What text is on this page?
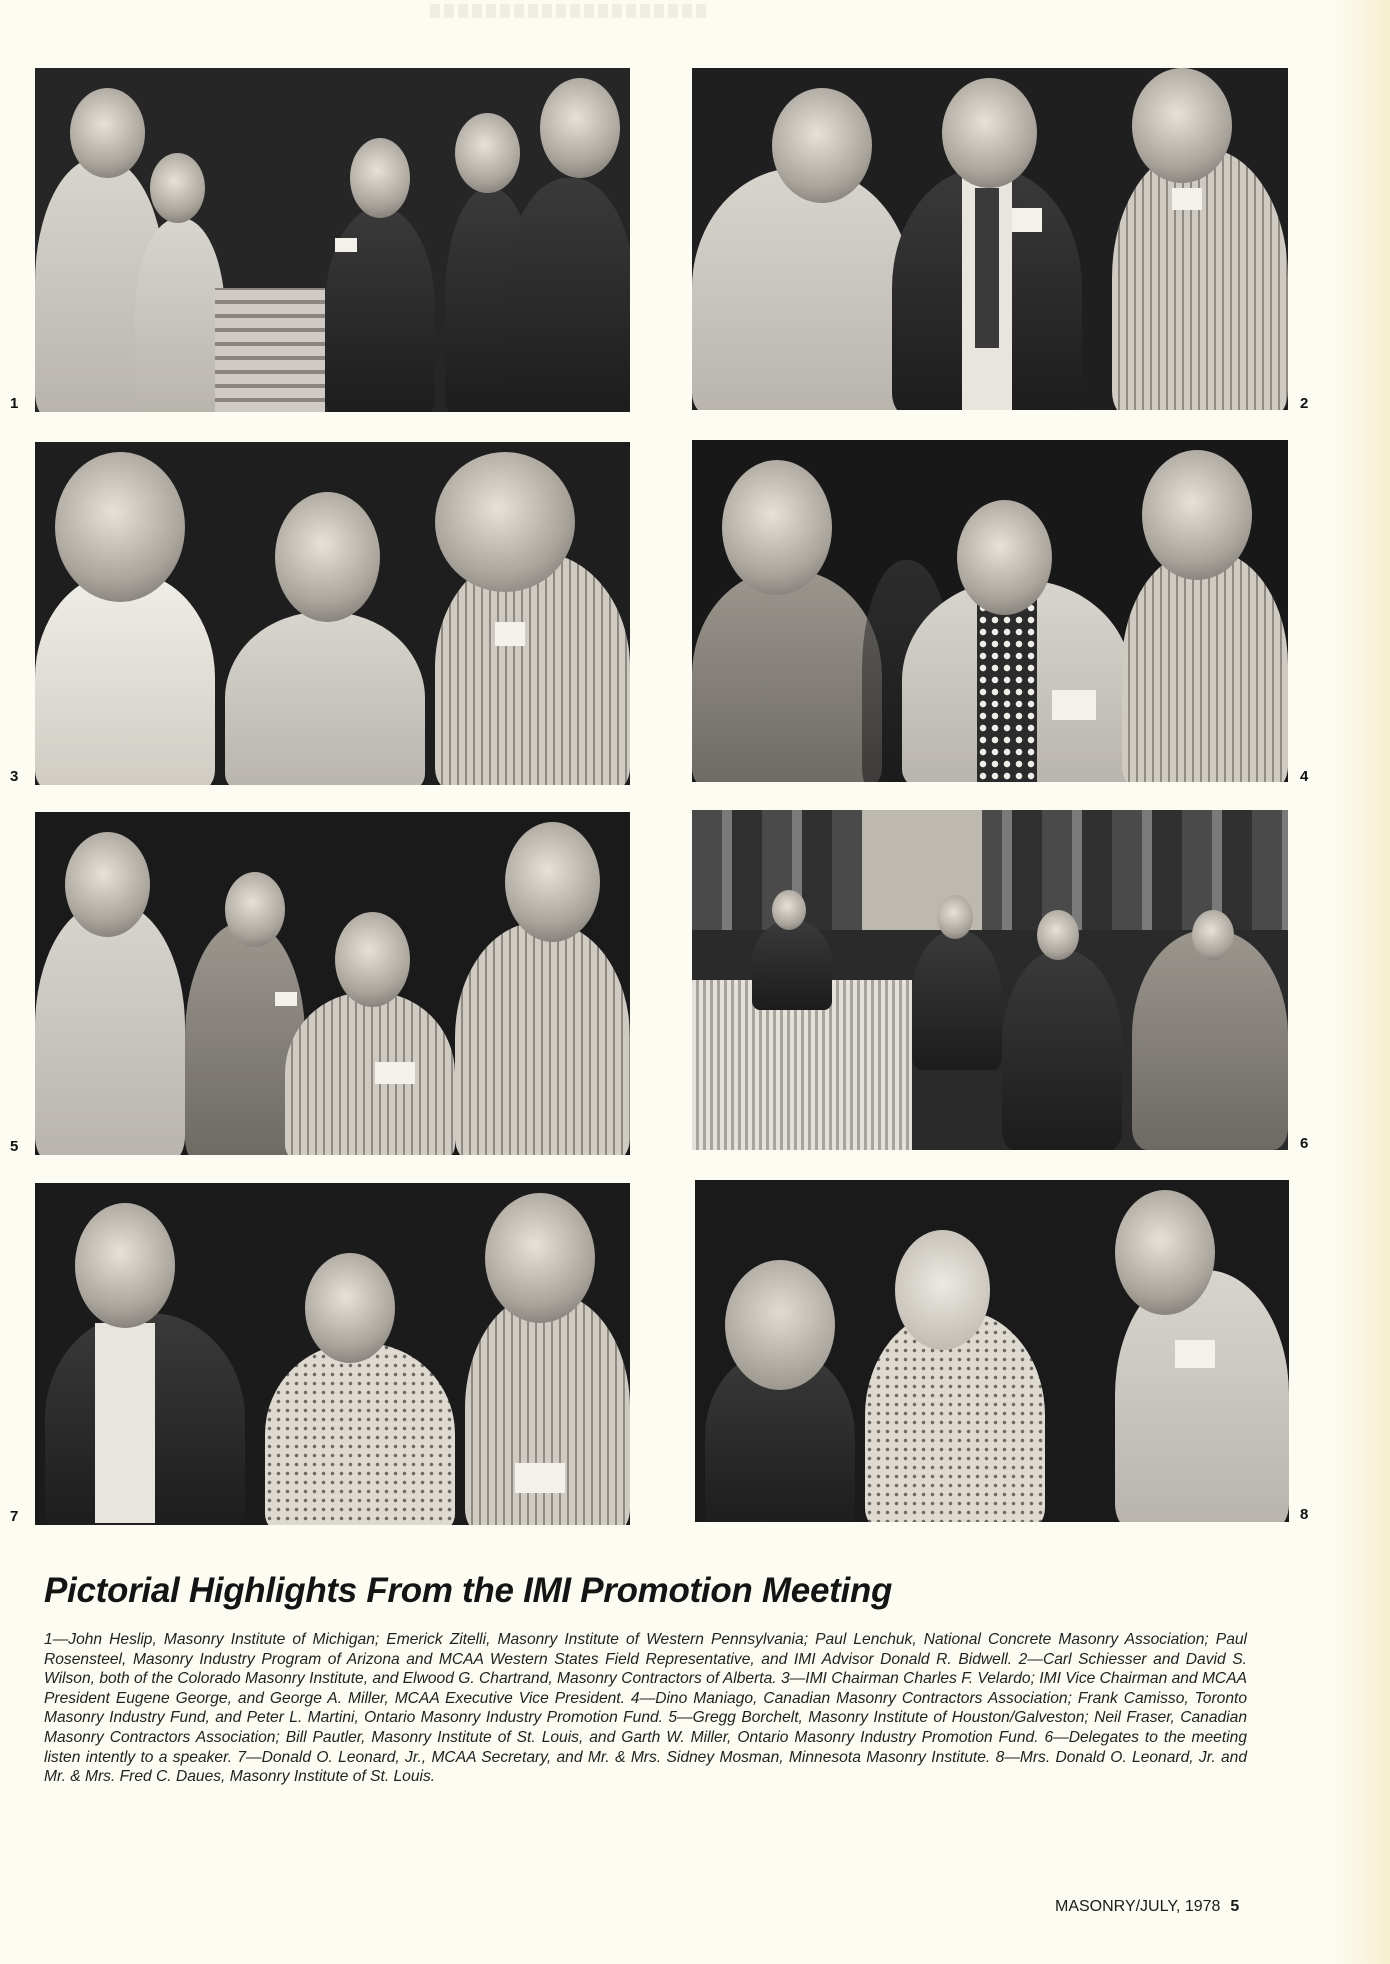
1	2
3	4
5	6
7	8
Pictorial Highlights From the IMI Promotion Meeting

1—John Heslip, Masonry Institute of Michigan; Emerick Zitelli, Masonry Institute of Western Pennsylvania; Paul Lenchuk, National Concrete Masonry Association; Paul Rosensteel, Masonry Industry Program of Arizona and MCAA Western States Field Representative, and IMI Advisor Donald R. Bidwell. 2—Carl Schiesser and David S. Wilson, both of the Colorado Masonry Institute, and Elwood G. Chartrand, Masonry Contractors of Alberta. 3—IMI Chairman Charles F. Velardo; IMI Vice Chairman and MCAA President Eugene George, and George A. Miller, MCAA Executive Vice President. 4—Dino Maniago, Canadian Masonry Contractors Association; Frank Camisso, Toronto Masonry Industry Fund, and Peter L. Martini, Ontario Masonry Industry Promotion Fund. 5—Gregg Borchelt, Masonry Institute of Houston/Galveston; Neil Fraser, Canadian Masonry Contractors Association; Bill Pautler, Masonry Institute of St. Louis, and Garth W. Miller, Ontario Masonry Industry Promotion Fund. 6—Delegates to the meeting listen intently to a speaker. 7—Donald O. Leonard, Jr., MCAA Secretary, and Mr. & Mrs. Sidney Mosman, Minnesota Masonry Institute. 8—Mrs. Donald O. Leonard, Jr. and Mr. & Mrs. Fred C. Daues, Masonry Institute of St. Louis.

MASONRY/JULY, 1978 5
